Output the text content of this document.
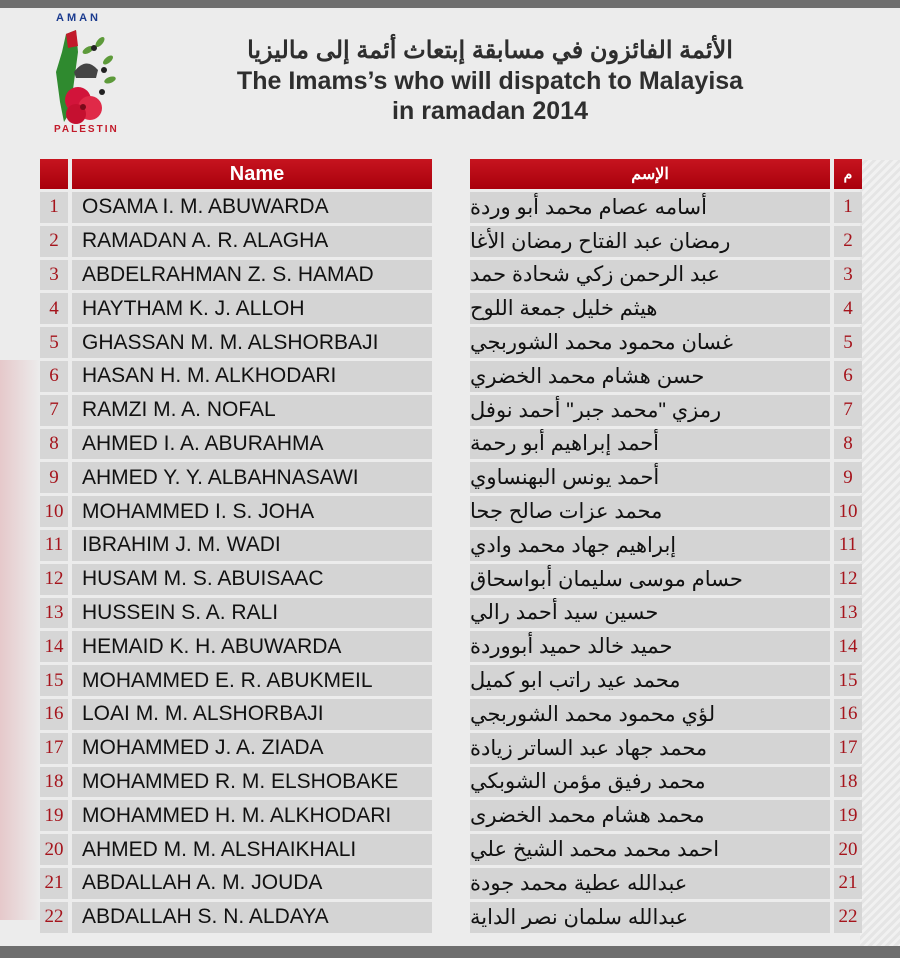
AMAN
PALESTIN
الأئمة الفائزون في مسابقة إبتعاث أئمة إلى ماليزيا
The Imams’s who will dispatch to Malayisa
in ramadan 2014
Name
1	OSAMA I. M. ABUWARDA
2	RAMADAN A. R. ALAGHA
3	ABDELRAHMAN Z. S. HAMAD
4	HAYTHAM K. J. ALLOH
5	GHASSAN M. M. ALSHORBAJI
6	HASAN H. M. ALKHODARI
7	RAMZI M. A. NOFAL
8	AHMED I. A. ABURAHMA
9	AHMED Y. Y. ALBAHNASAWI
10 MOHAMMED I. S. JOHA
11 IBRAHIM J. M. WADI
12 HUSAM M. S. ABUISAAC
13 HUSSEIN S. A. RALI
14 HEMAID K. H. ABUWARDA
15 MOHAMMED E. R. ABUKMEIL
16 LOAI M. M. ALSHORBAJI
17 MOHAMMED J. A. ZIADA
18 MOHAMMED R. M. ELSHOBAKE
19 MOHAMMED H. M. ALKHODARI
20 AHMED M. M. ALSHAIKHALI
21 ABDALLAH A. M. JOUDA
22 ABDALLAH S. N. ALDAYA
الإسم	م
أسامه عصام محمد أبو وردة	1
رمضان عبد الفتاح رمضان الأغا	2
عبد الرحمن زكي شحادة حمد	3
هيثم خليل جمعة اللوح	4
غسان محمود محمد الشوربجي	5
حسن هشام محمد الخضري	6
رمزي "محمد جبر" أحمد نوفل	7
أحمد إبراهيم أبو رحمة	8
أحمد يونس البهنساوي	9
محمد عزات صالح جحا	10
إبراهيم جهاد محمد وادي	11
حسام موسى سليمان أبواسحاق	12
حسين سيد أحمد رالي	13
حميد خالد حميد أبووردة	14
محمد عيد راتب ابو كميل	15
لؤي محمود محمد الشوربجي	16
محمد جهاد عبد الساتر زيادة	17
محمد رفيق مؤمن الشوبكي	18
محمد هشام محمد الخضرى	19
احمد محمد محمد الشيخ علي	20
عبدالله عطية محمد جودة	21
عبدالله سلمان نصر الداية	22
